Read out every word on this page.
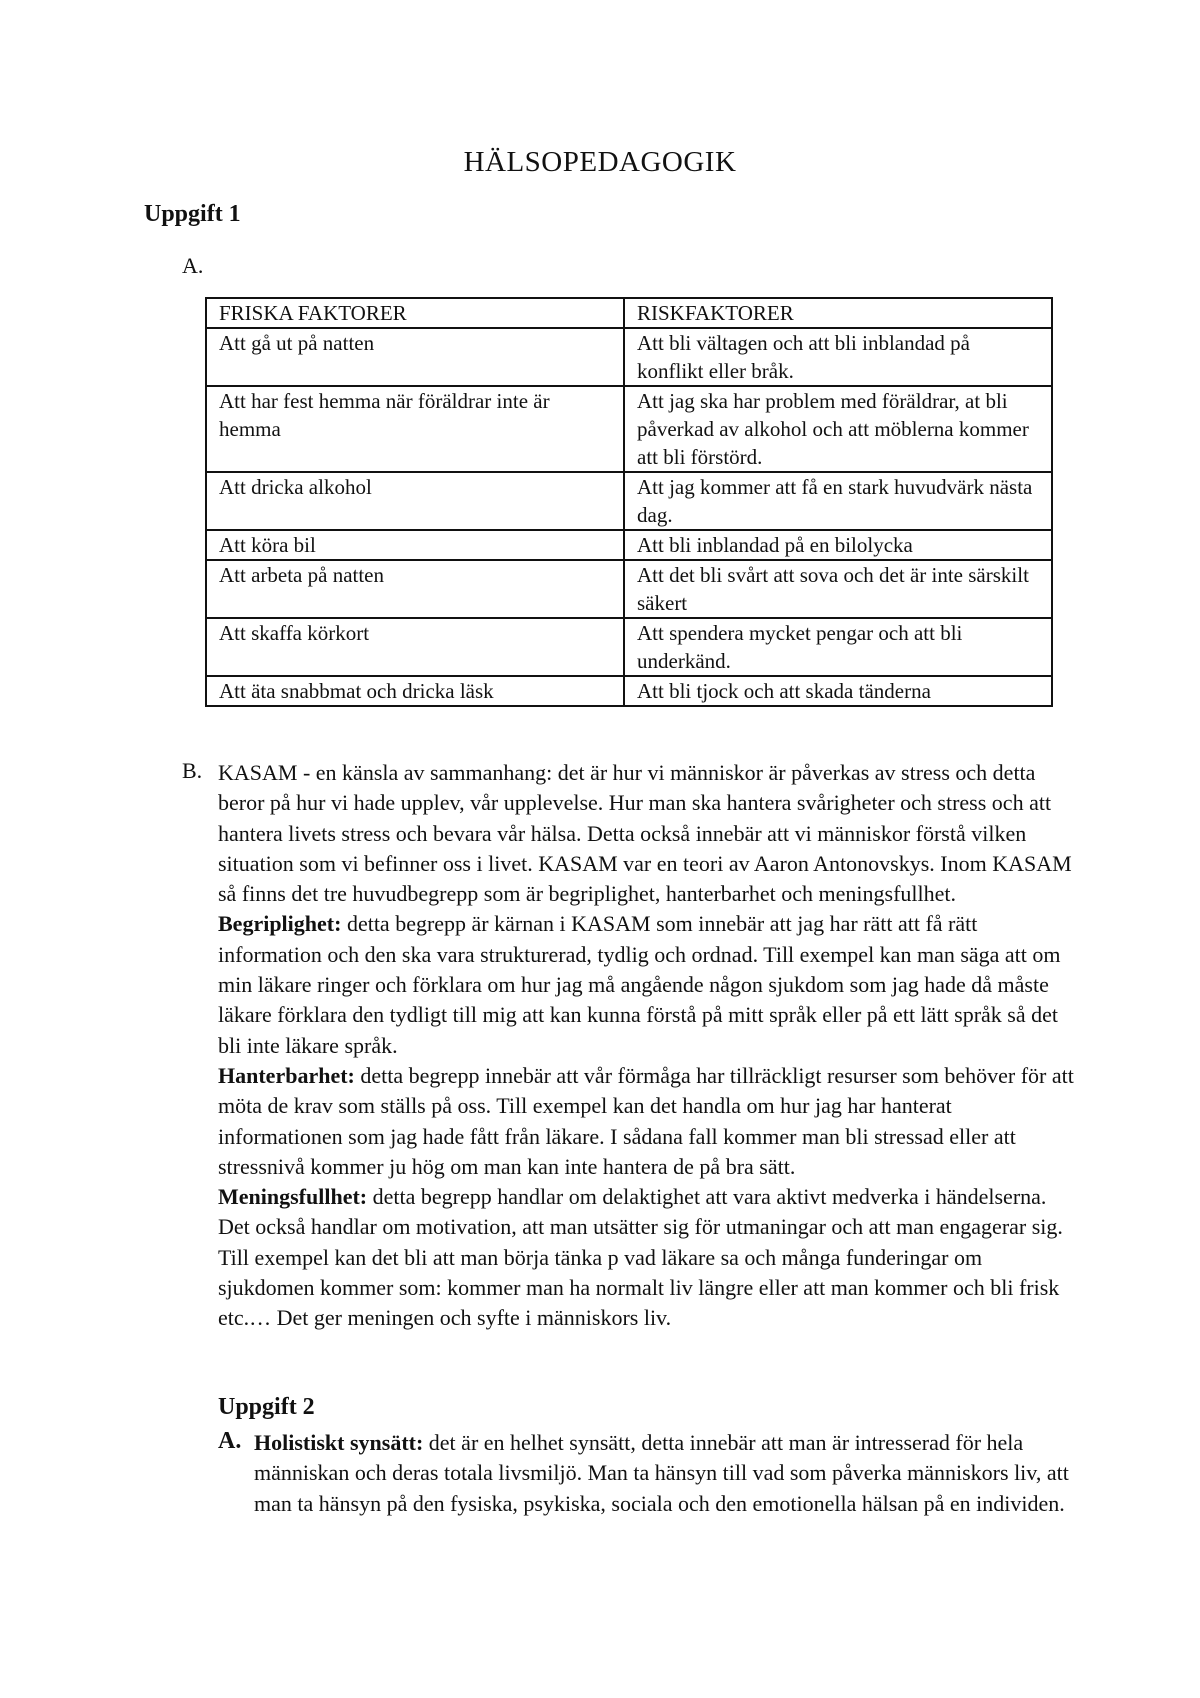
HÄLSOPEDAGOGIK
Uppgift 1
A.
FRISKA FAKTORER	RISKFAKTORER
Att gå ut på natten	Att bli vältagen och att bli inblandad på konflikt eller bråk.
Att har fest hemma när föräldrar inte är hemma	Att jag ska har problem med föräldrar, at bli påverkad av alkohol och att möblerna kommer att bli förstörd.
Att dricka alkohol	Att jag kommer att få en stark huvudvärk nästa dag.
Att köra bil	Att bli inblandad på en bilolycka
Att arbeta på natten	Att det bli svårt att sova och det är inte särskilt säkert
Att skaffa körkort	Att spendera mycket pengar och att bli underkänd.
Att äta snabbmat och dricka läsk	Att bli tjock och att skada tänderna
B. KASAM - en känsla av sammanhang: det är hur vi människor är påverkas av stress och detta beror på hur vi hade upplev, vår upplevelse. Hur man ska hantera svårigheter och stress och att hantera livets stress och bevara vår hälsa. Detta också innebär att vi människor förstå vilken situation som vi befinner oss i livet. KASAM var en teori av Aaron Antonovskys. Inom KASAM så finns det tre huvudbegrepp som är begriplighet, hanterbarhet och meningsfullhet.

Begriplighet: detta begrepp är kärnan i KASAM som innebär att jag har rätt att få rätt information och den ska vara strukturerad, tydlig och ordnad. Till exempel kan man säga att om min läkare ringer och förklara om hur jag må angående någon sjukdom som jag hade då måste läkare förklara den tydligt till mig att kan kunna förstå på mitt språk eller på ett lätt språk så det bli inte läkare språk.

Hanterbarhet: detta begrepp innebär att vår förmåga har tillräckligt resurser som behöver för att möta de krav som ställs på oss. Till exempel kan det handla om hur jag har hanterat informationen som jag hade fått från läkare. I sådana fall kommer man bli stressad eller att stressnivå kommer ju hög om man kan inte hantera de på bra sätt.

Meningsfullhet: detta begrepp handlar om delaktighet att vara aktivt medverka i händelserna. Det också handlar om motivation, att man utsätter sig för utmaningar och att man engagerar sig. Till exempel kan det bli att man börja tänka p vad läkare sa och många funderingar om sjukdomen kommer som: kommer man ha normalt liv längre eller att man kommer och bli frisk etc.… Det ger meningen och syfte i människors liv.

Uppgift 2
A. Holistiskt synsätt: det är en helhet synsätt, detta innebär att man är intresserad för hela människan och deras totala livsmiljö. Man ta hänsyn till vad som påverka människors liv, att man ta hänsyn på den fysiska, psykiska, sociala och den emotionella hälsan på en individen.
